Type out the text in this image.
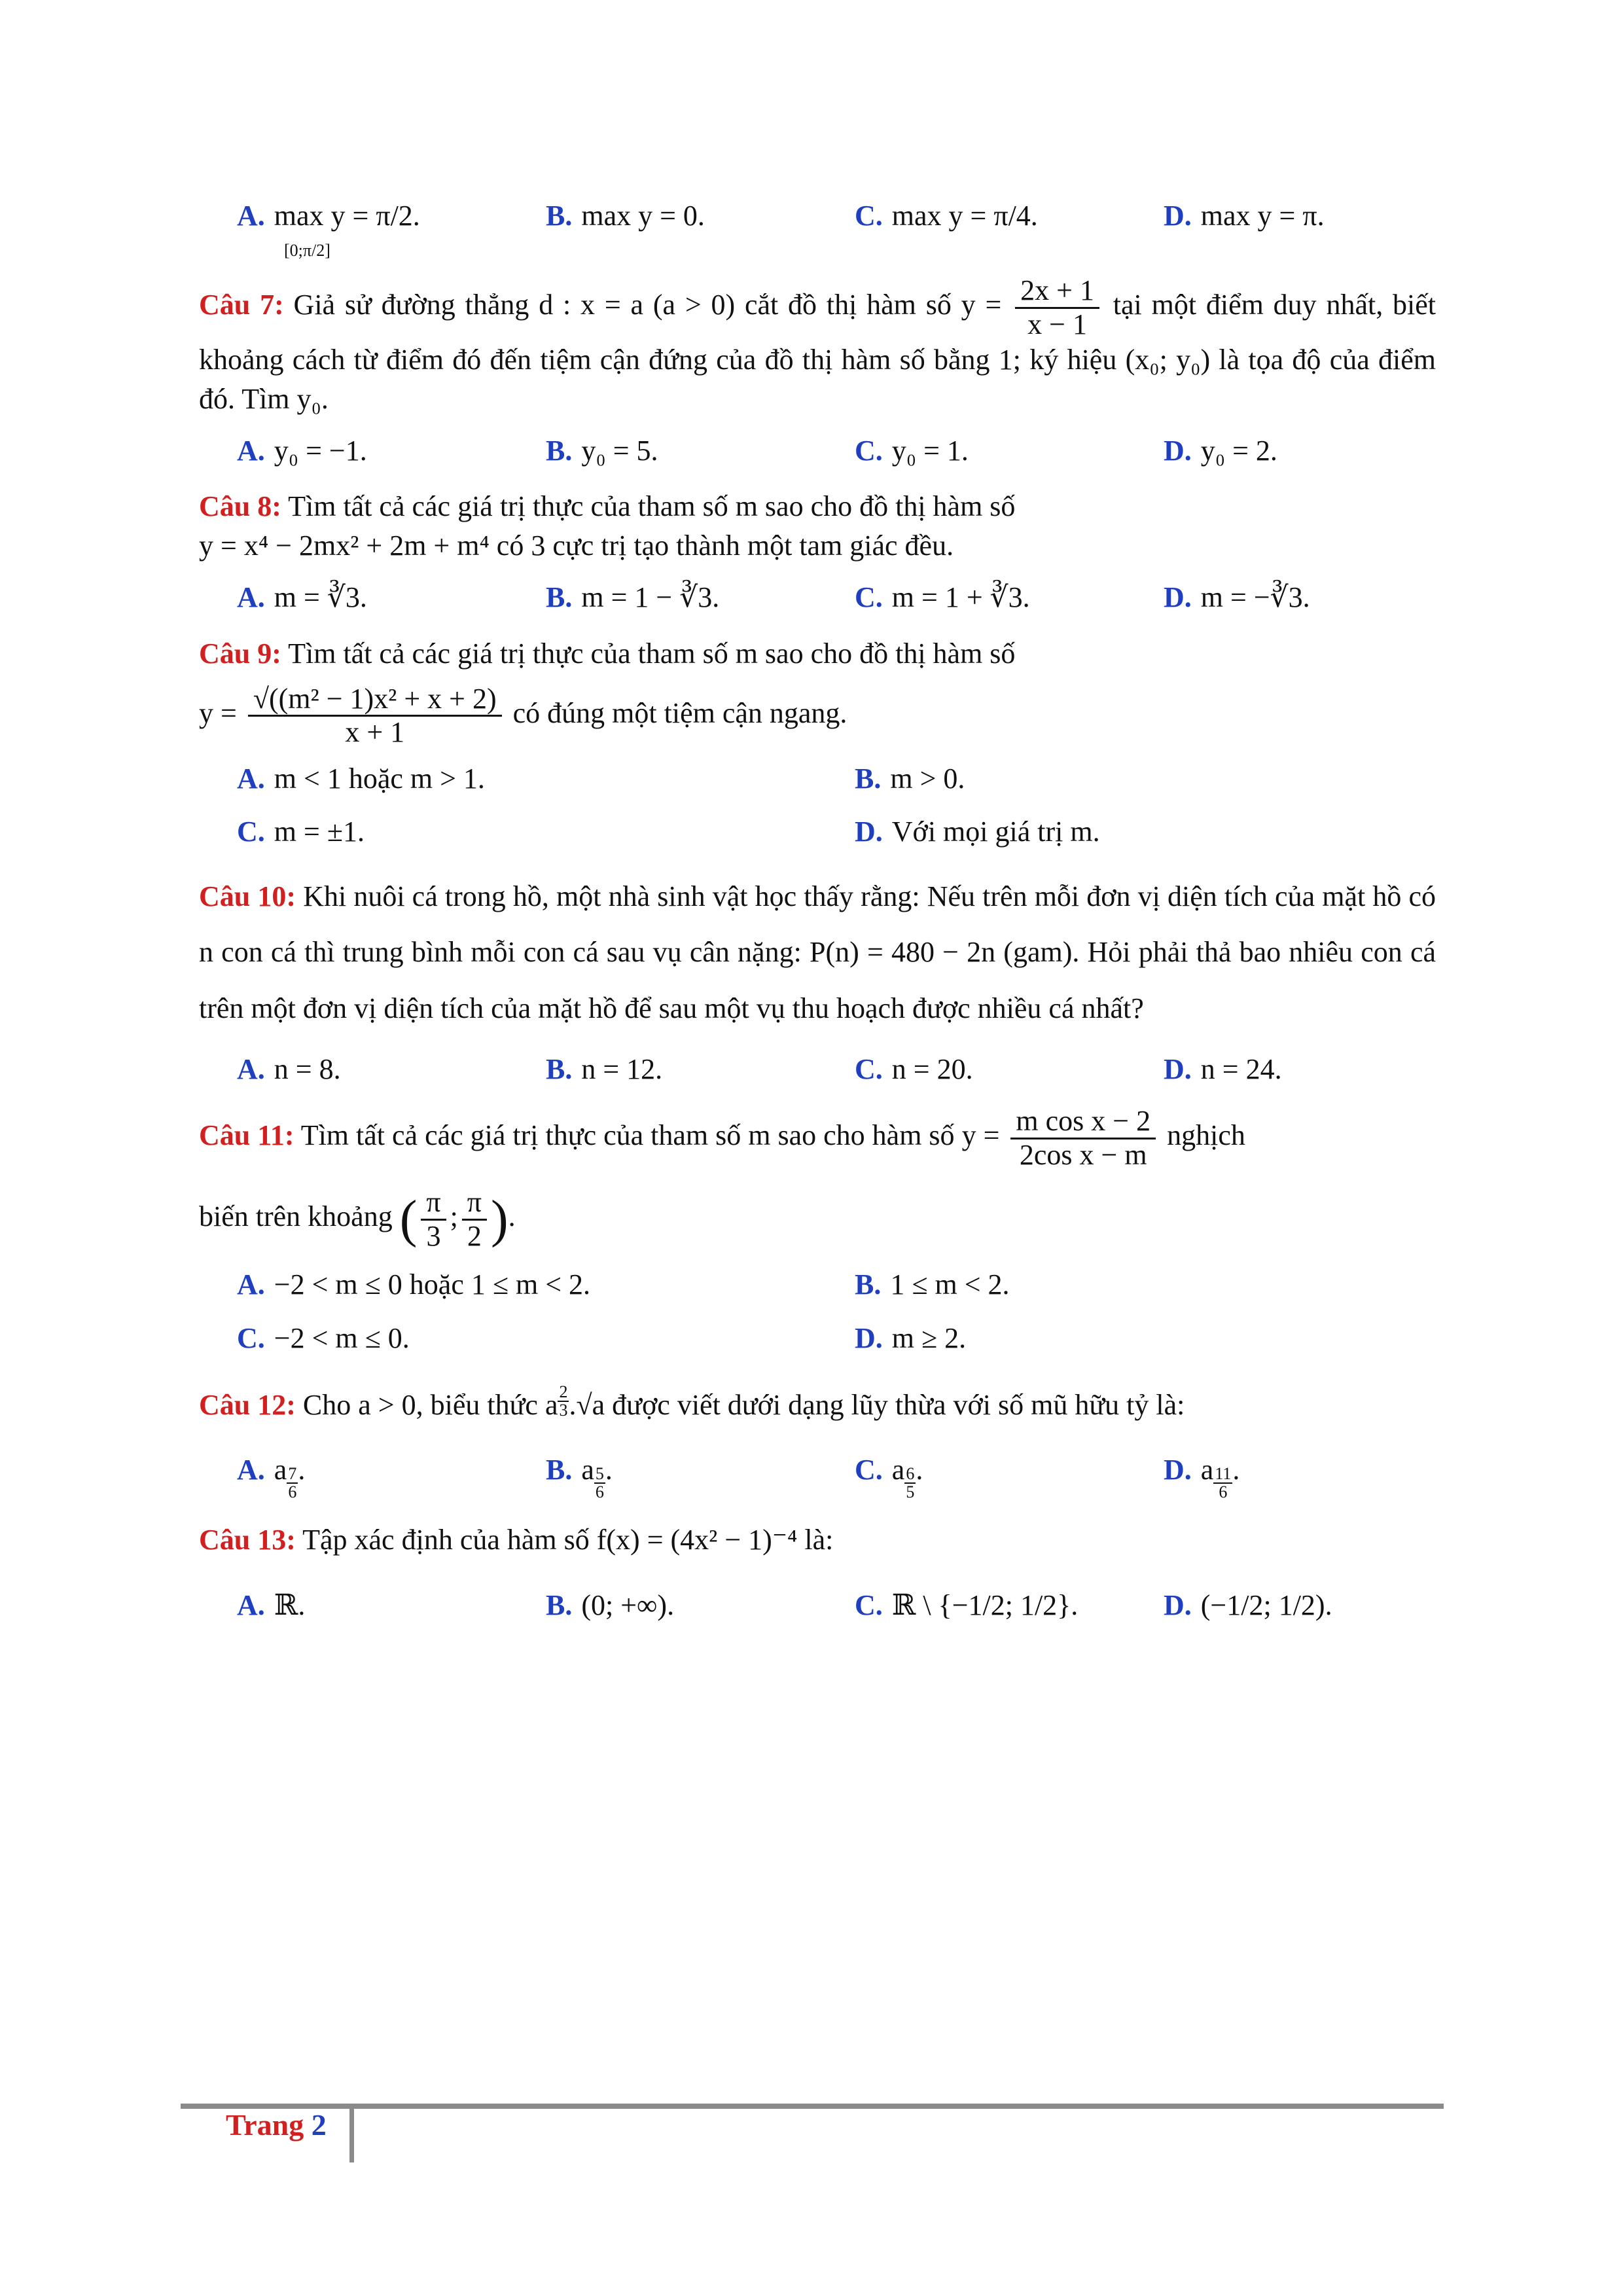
A. max y = π/2.	B. max y = 0.	C. max y = π/4.	D. max y = π.
[0;π/2]
Câu 7: Giả sử đường thẳng d : x = a (a > 0) cắt đồ thị hàm số $y = \frac{2x + 1}{x - 1}$ tại một điểm duy nhất, biết khoảng cách từ điểm đó đến tiệm cận đứng của đồ thị hàm số bằng 1; ký hiệu (x₀; y₀) là tọa độ của điểm đó. Tìm y₀.
A. y₀ = −1.	B. y₀ = 5.	C. y₀ = 1.	D. y₀ = 2.
Câu 8: Tìm tất cả các giá trị thực của tham số m sao cho đồ thị hàm số
y = x⁴ − 2mx² + 2m + m⁴ có 3 cực trị tạo thành một tam giác đều.
A. m = ∛3.	B. m = 1 − ∛3.	C. m = 1 + ∛3.	D. m = −∛3.
Câu 9: Tìm tất cả các giá trị thực của tham số m sao cho đồ thị hàm số
$y = \frac{\text{√((m² − 1)x² + x + 2)}}{x + 1}$ có đúng một tiệm cận ngang.
A. m < 1 hoặc m > 1.	B. m > 0.
C. m = ±1.	D. Với mọi giá trị m.
Câu 10: Khi nuôi cá trong hồ, một nhà sinh vật học thấy rằng: Nếu trên mỗi đơn vị diện tích của mặt hồ có n con cá thì trung bình mỗi con cá sau vụ cân nặng: P(n) = 480 − 2n (gam). Hỏi phải thả bao nhiêu con cá trên một đơn vị diện tích của mặt hồ để sau một vụ thu hoạch được nhiều cá nhất?
A. n = 8.	B. n = 12.	C. n = 20.	D. n = 24.
Câu 11: Tìm tất cả các giá trị thực của tham số m sao cho hàm số $y = \frac{\text{m cos x − 2}}{\text{2cos x − m}}$ nghịch
biến trên khoảng ( $\frac{\pi}{3}$ ; $\frac{\pi}{2}$ ).
A. −2 < m ≤ 0 hoặc 1 ≤ m < 2.	B. 1 ≤ m < 2.
C. −2 < m ≤ 0.	D. m ≥ 2.
Câu 12: Cho a > 0, biểu thức a $\frac{2}{3} .√a$ được viết dưới dạng lũy thừa với số mũ hữu tỷ là:
A. a $\frac{7}{6}$ .	B. a $\frac{5}{6}$ .	C. a $\frac{6}{5}$ .	D. a $\frac{11}{6}$ .
Câu 13: Tập xác định của hàm số f(x) = (4x² − 1)⁻⁴ là:
A. ℝ.	B. (0; +∞).	C. ℝ \ {−1/2; 1/2}.	D. (−1/2; 1/2).
Trang 2
